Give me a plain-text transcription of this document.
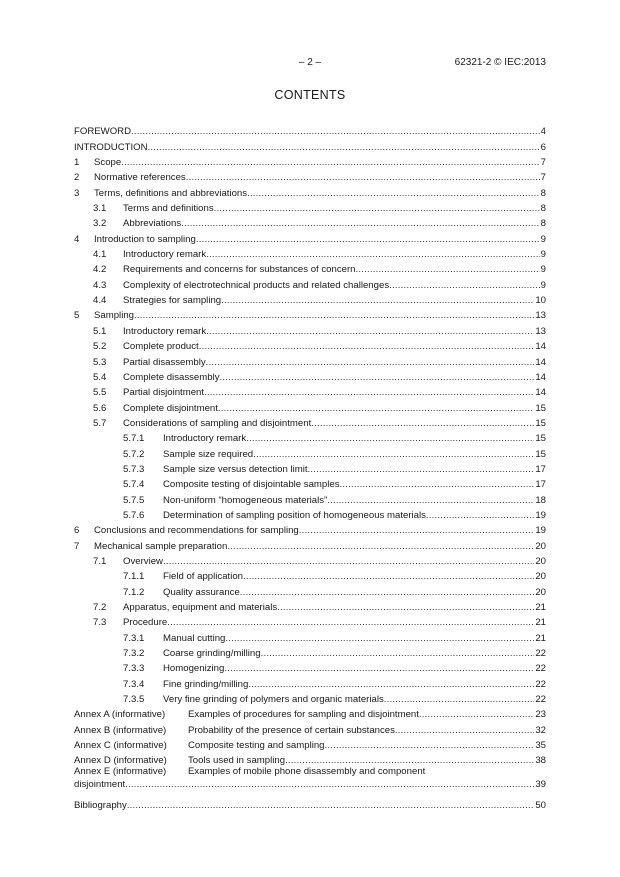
– 2 –	62321-2 © IEC:2013
CONTENTS
FOREWORD .....	4
INTRODUCTION .....	6
1	Scope .....	7
2	Normative references .....	7
3	Terms, definitions and abbreviations .....	8
3.1	Terms and definitions .....	8
3.2	Abbreviations .....	8
4	Introduction to sampling .....	9
4.1	Introductory remark .....	9
4.2	Requirements and concerns for substances of concern .....	9
4.3	Complexity of electrotechnical products and related challenges .....	9
4.4	Strategies for sampling .....	10
5	Sampling .....	13
5.1	Introductory remark .....	13
5.2	Complete product .....	14
5.3	Partial disassembly .....	14
5.4	Complete disassembly .....	14
5.5	Partial disjointment .....	14
5.6	Complete disjointment .....	15
5.7	Considerations of sampling and disjointment .....	15
5.7.1	Introductory remark .....	15
5.7.2	Sample size required .....	15
5.7.3	Sample size versus detection limit .....	17
5.7.4	Composite testing of disjointable samples .....	17
5.7.5	Non-uniform “homogeneous materials” .....	18
5.7.6	Determination of sampling position of homogeneous materials .....	19
6	Conclusions and recommendations for sampling .....	19
7	Mechanical sample preparation .....	20
7.1	Overview .....	20
7.1.1	Field of application .....	20
7.1.2	Quality assurance .....	20
7.2	Apparatus, equipment and materials .....	21
7.3	Procedure .....	21
7.3.1	Manual cutting .....	21
7.3.2	Coarse grinding/milling .....	22
7.3.3	Homogenizing .....	22
7.3.4	Fine grinding/milling .....	22
7.3.5	Very fine grinding of polymers and organic materials .....	22
Annex A (informative)	Examples of procedures for sampling and disjointment .....	23
Annex B (informative)	Probability of the presence of certain substances .....	32
Annex C (informative)	Composite testing and sampling .....	35
Annex D (informative)	Tools used in sampling .....	38
Annex E (informative)	Examples of mobile phone disassembly and component
disjointment .....	39
Bibliography .....	50
